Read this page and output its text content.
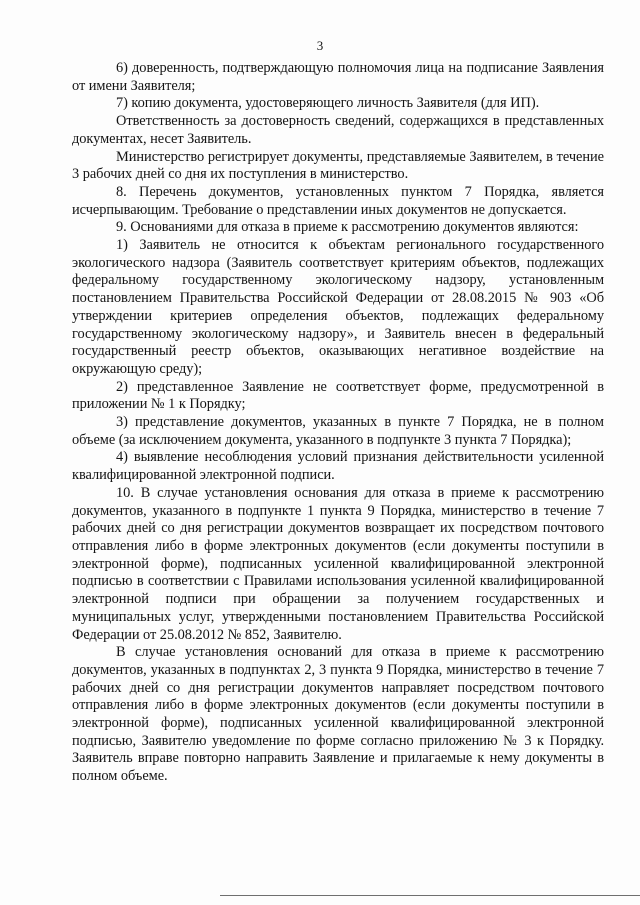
3

6) доверенность, подтверждающую полномочия лица на подписание Заявления от имени Заявителя;

7) копию документа, удостоверяющего личность Заявителя (для ИП).

Ответственность за достоверность сведений, содержащихся в представленных документах, несет Заявитель.

Министерство регистрирует документы, представляемые Заявителем, в течение 3 рабочих дней со дня их поступления в министерство.

8. Перечень документов, установленных пунктом 7 Порядка, является исчерпывающим. Требование о представлении иных документов не допускается.

9. Основаниями для отказа в приеме к рассмотрению документов являются:

1) Заявитель не относится к объектам регионального государственного экологического надзора (Заявитель соответствует критериям объектов, подлежащих федеральному государственному экологическому надзору, установленным постановлением Правительства Российской Федерации от 28.08.2015 № 903 «Об утверждении критериев определения объектов, подлежащих федеральному государственному экологическому надзору», и Заявитель внесен в федеральный государственный реестр объектов, оказывающих негативное воздействие на окружающую среду);

2) представленное Заявление не соответствует форме, предусмотренной в приложении № 1 к Порядку;

3) представление документов, указанных в пункте 7 Порядка, не в полном объеме (за исключением документа, указанного в подпункте 3 пункта 7 Порядка);

4) выявление несоблюдения условий признания действительности усиленной квалифицированной электронной подписи.

10. В случае установления основания для отказа в приеме к рассмотрению документов, указанного в подпункте 1 пункта 9 Порядка, министерство в течение 7 рабочих дней со дня регистрации документов возвращает их посредством почтового отправления либо в форме электронных документов (если документы поступили в электронной форме), подписанных усиленной квалифицированной электронной подписью в соответствии с Правилами использования усиленной квалифицированной электронной подписи при обращении за получением государственных и муниципальных услуг, утвержденными постановлением Правительства Российской Федерации от 25.08.2012 № 852, Заявителю.

В случае установления оснований для отказа в приеме к рассмотрению документов, указанных в подпунктах 2, 3 пункта 9 Порядка, министерство в течение 7 рабочих дней со дня регистрации документов направляет посредством почтового отправления либо в форме электронных документов (если документы поступили в электронной форме), подписанных усиленной квалифицированной электронной подписью, Заявителю уведомление по форме согласно приложению № 3 к Порядку. Заявитель вправе повторно направить Заявление и прилагаемые к нему документы в полном объеме.
